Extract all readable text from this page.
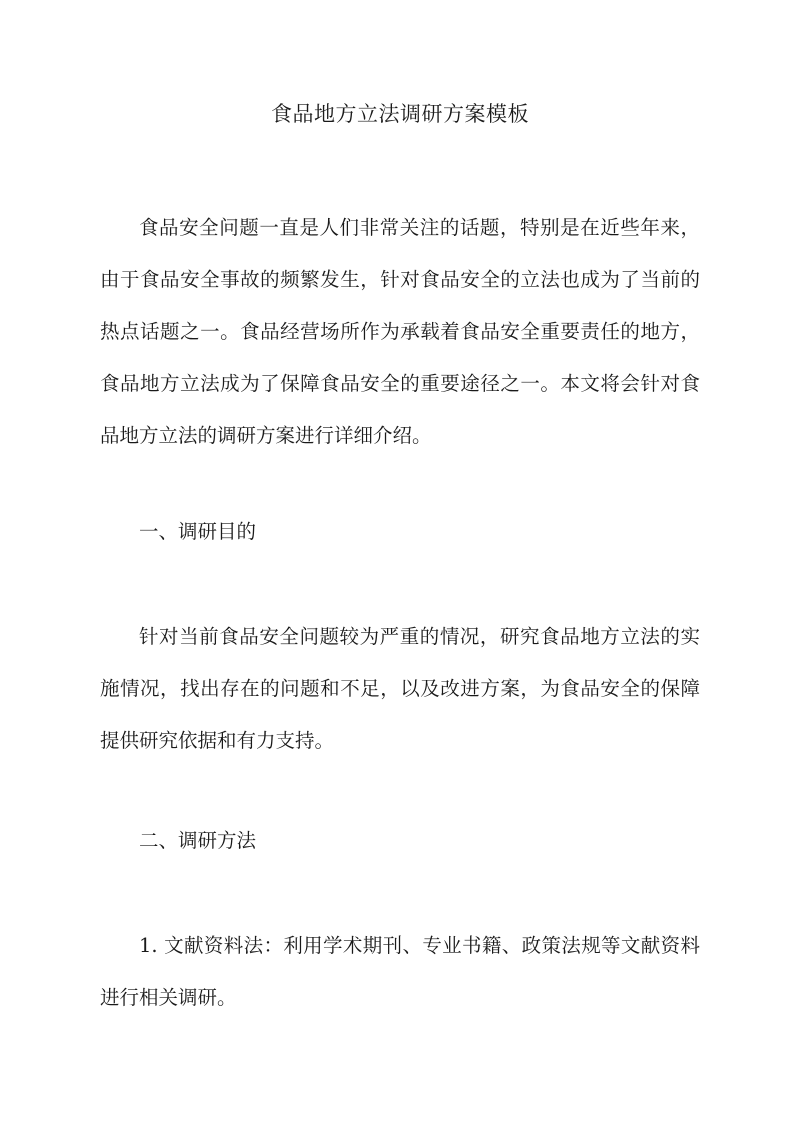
食品地方立法调研方案模板

食品安全问题一直是人们非常关注的话题，特别是在近些年来，由于食品安全事故的频繁发生，针对食品安全的立法也成为了当前的热点话题之一。食品经营场所作为承载着食品安全重要责任的地方，食品地方立法成为了保障食品安全的重要途径之一。本文将会针对食品地方立法的调研方案进行详细介绍。

一、调研目的

针对当前食品安全问题较为严重的情况，研究食品地方立法的实施情况，找出存在的问题和不足，以及改进方案，为食品安全的保障提供研究依据和有力支持。

二、调研方法

1. 文献资料法：利用学术期刊、专业书籍、政策法规等文献资料进行相关调研。
